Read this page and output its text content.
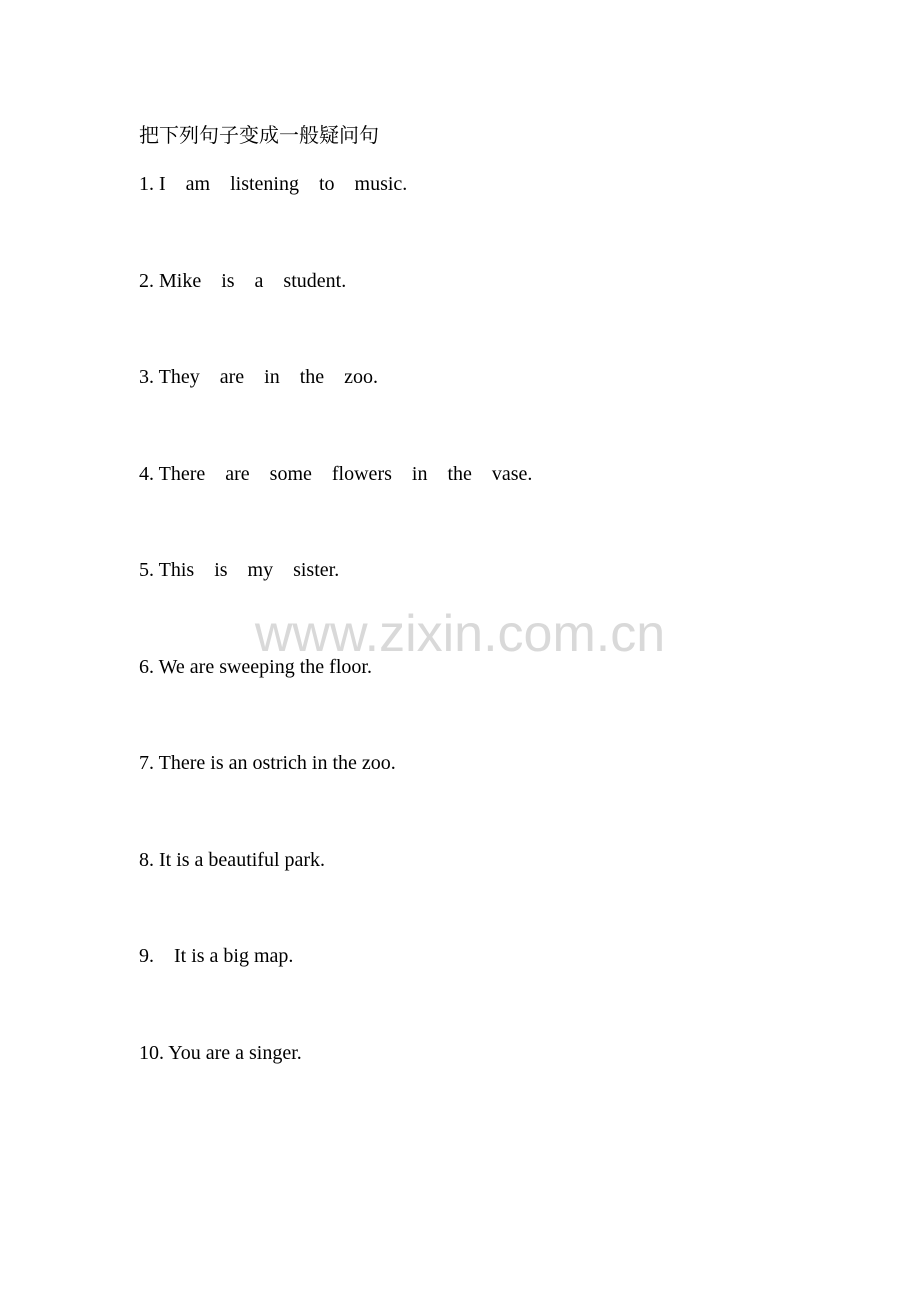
把下列句子变成一般疑问句
1. I    am    listening    to    music.
2. Mike    is    a    student.
3. They    are    in    the    zoo.
4. There    are    some    flowers    in    the    vase.
5. This    is    my    sister.
6. We are sweeping the floor.
7. There is an ostrich in the zoo.
8. It is a beautiful park.
9.    It is a big map.
10. You are a singer.
www.zixin.com.cn
